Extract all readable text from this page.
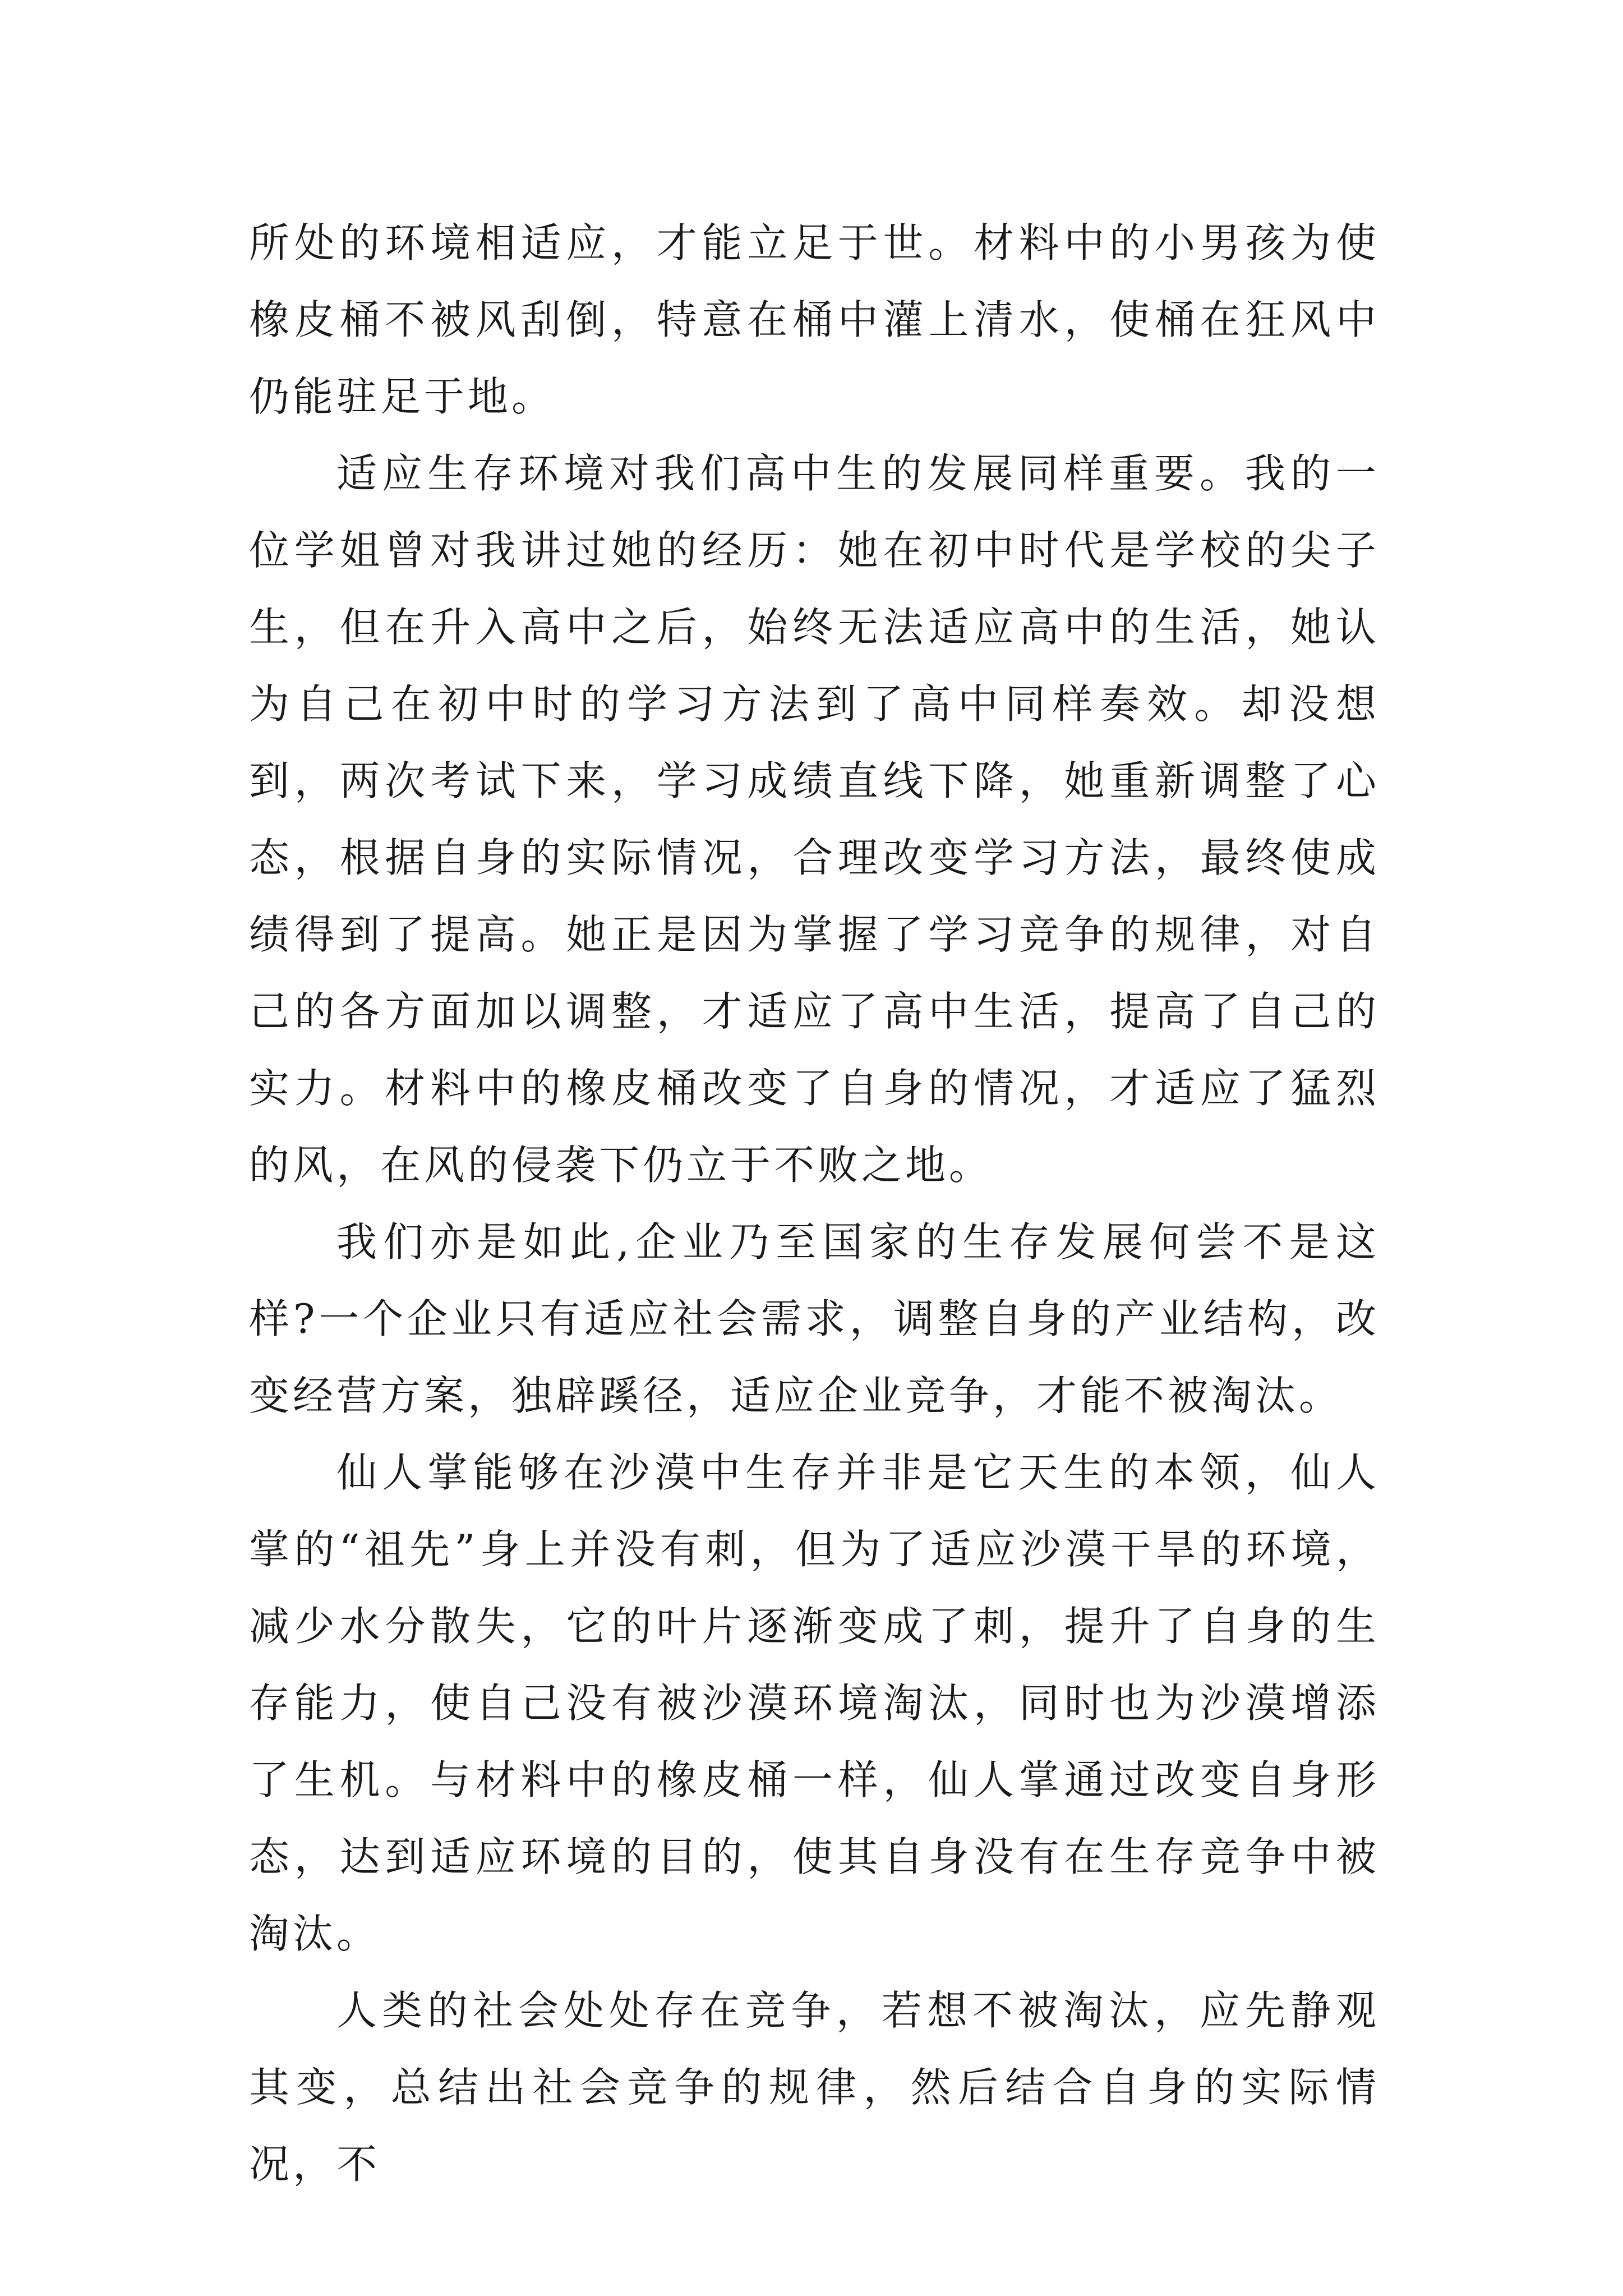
所处的环境相适应，才能立足于世。材料中的小男孩为使橡皮桶不被风刮倒，特意在桶中灌上清水，使桶在狂风中仍能驻足于地。

适应生存环境对我们高中生的发展同样重要。我的一位学姐曾对我讲过她的经历：她在初中时代是学校的尖子生，但在升入高中之后，始终无法适应高中的生活，她认为自己在初中时的学习方法到了高中同样奏效。却没想到，两次考试下来，学习成绩直线下降，她重新调整了心态，根据自身的实际情况，合理改变学习方法，最终使成绩得到了提高。她正是因为掌握了学习竞争的规律，对自己的各方面加以调整，才适应了高中生活，提高了自己的实力。材料中的橡皮桶改变了自身的情况，才适应了猛烈的风，在风的侵袭下仍立于不败之地。

我们亦是如此,企业乃至国家的生存发展何尝不是这样?一个企业只有适应社会需求，调整自身的产业结构，改变经营方案，独辟蹊径，适应企业竞争，才能不被淘汰。

仙人掌能够在沙漠中生存并非是它天生的本领，仙人掌的“祖先”身上并没有刺，但为了适应沙漠干旱的环境，减少水分散失，它的叶片逐渐变成了刺，提升了自身的生存能力，使自己没有被沙漠环境淘汰，同时也为沙漠增添了生机。与材料中的橡皮桶一样，仙人掌通过改变自身形态，达到适应环境的目的，使其自身没有在生存竞争中被淘汰。

人类的社会处处存在竞争，若想不被淘汰，应先静观其变，总结出社会竞争的规律，然后结合自身的实际情况，不
